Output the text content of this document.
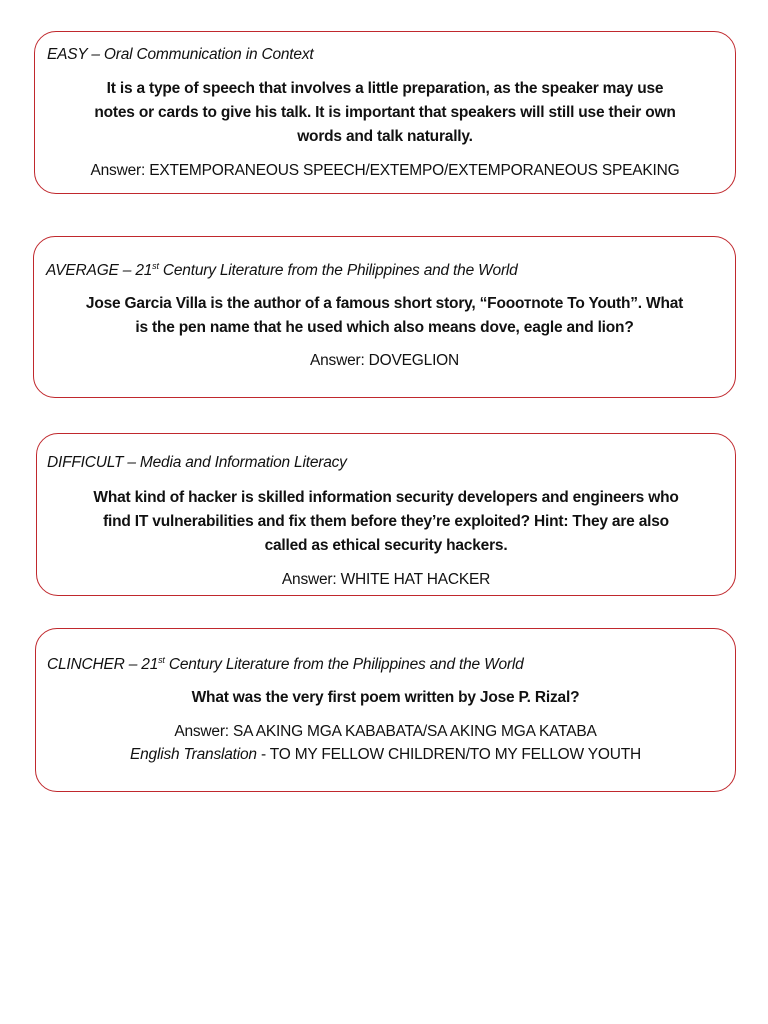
EASY – Oral Communication in Context
It is a type of speech that involves a little preparation, as the speaker may use
notes or cards to give his talk. It is important that speakers will still use their own
words and talk naturally.
Answer: EXTEMPORANEOUS SPEECH/EXTEMPO/EXTEMPORANEOUS SPEAKING
AVERAGE – 21st Century Literature from the Philippines and the World
Jose Garcia Villa is the author of a famous short story, “Fooотnote To Youth”. What
is the pen name that he used which also means dove, eagle and lion?
Answer: DOVEGLION
DIFFICULT – Media and Information Literacy
What kind of hacker is skilled information security developers and engineers who
find IT vulnerabilities and fix them before they’re exploited? Hint: They are also
called as ethical security hackers.
Answer: WHITE HAT HACKER
CLINCHER – 21st Century Literature from the Philippines and the World
What was the very first poem written by Jose P. Rizal?
Answer: SA AKING MGA KABABATA/SA AKING MGA KATABA
English Translation - TO MY FELLOW CHILDREN/TO MY FELLOW YOUTH
